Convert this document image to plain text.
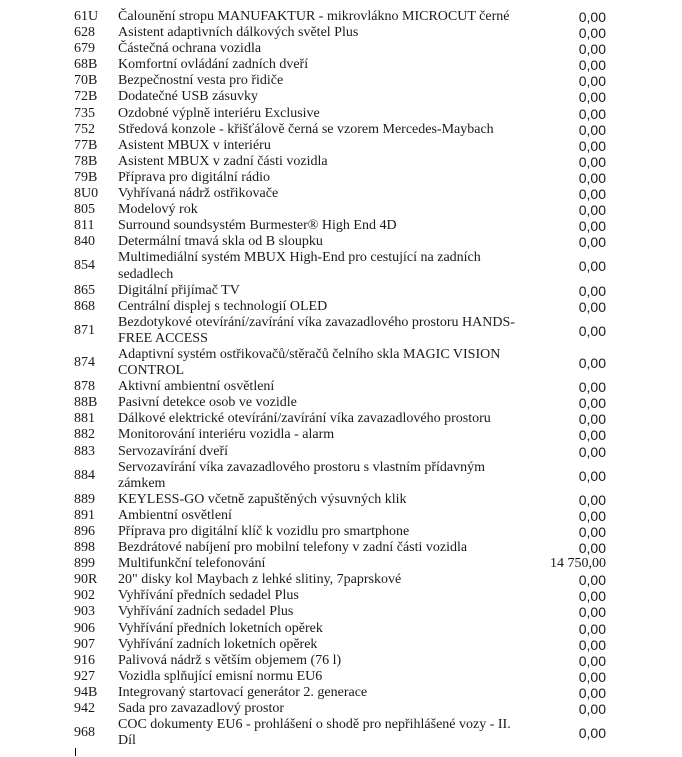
61U	Čalounění stropu MANUFAKTUR - mikrovlákno MICROCUT černé	0,00
628	Asistent adaptivních dálkových světel Plus	0,00
679	Částečná ochrana vozidla	0,00
68B	Komfortní ovládání zadních dveří	0,00
70B	Bezpečnostní vesta pro řidiče	0,00
72B	Dodatečné USB zásuvky	0,00
735	Ozdobné výplně interiéru Exclusive	0,00
752	Středová konzole - křišťálově černá se vzorem Mercedes-Maybach	0,00
77B	Asistent MBUX v interiéru	0,00
78B	Asistent MBUX v zadní části vozidla	0,00
79B	Příprava pro digitální rádio	0,00
8U0	Vyhřívaná nádrž ostřikovače	0,00
805	Modelový rok	0,00
811	Surround soundsystém Burmester® High End 4D	0,00
840	Determální tmavá skla od B sloupku	0,00
854	Multimediální systém MBUX High-End pro cestující na zadních sedadlech	0,00
865	Digitální přijímač TV	0,00
868	Centrální displej s technologií OLED	0,00
871	Bezdotykové otevírání/zavírání víka zavazadlového prostoru HANDS-FREE ACCESS	0,00
874	Adaptivní systém ostřikovačů/stěračů čelního skla MAGIC VISION CONTROL	0,00
878	Aktivní ambientní osvětlení	0,00
88B	Pasivní detekce osob ve vozidle	0,00
881	Dálkové elektrické otevírání/zavírání víka zavazadlového prostoru	0,00
882	Monitorování interiéru vozidla - alarm	0,00
883	Servozavírání dveří	0,00
884	Servozavírání víka zavazadlového prostoru s vlastním přídavným zámkem	0,00
889	KEYLESS-GO včetně zapuštěných výsuvných klik	0,00
891	Ambientní osvětlení	0,00
896	Příprava pro digitální klíč k vozidlu pro smartphone	0,00
898	Bezdrátové nabíjení pro mobilní telefony v zadní části vozidla	0,00
899	Multifunkční telefonování	14 750,00
90R	20" disky kol Maybach z lehké slitiny, 7paprskové	0,00
902	Vyhřívání předních sedadel Plus	0,00
903	Vyhřívání zadních sedadel Plus	0,00
906	Vyhřívání předních loketních opěrek	0,00
907	Vyhřívání zadních loketních opěrek	0,00
916	Palivová nádrž s větším objemem (76 l)	0,00
927	Vozidla splňující emisní normu EU6	0,00
94B	Integrovaný startovací generátor 2. generace	0,00
942	Sada pro zavazadlový prostor	0,00
968	COC dokumenty EU6 - prohlášení o shodě pro nepřihlášené vozy - II. Díl	0,00
